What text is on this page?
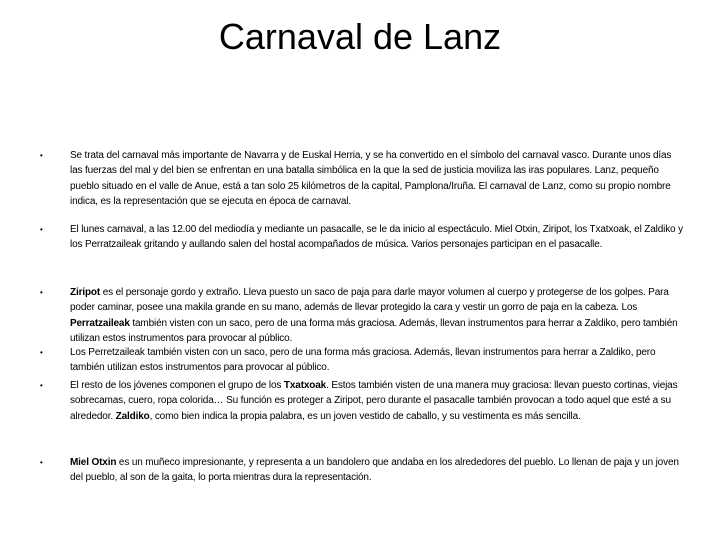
Carnaval de Lanz
•	Se trata del carnaval más importante de Navarra y de Euskal Herria, y se ha convertido en el símbolo del carnaval vasco. Durante unos días las fuerzas del mal y del bien se enfrentan en una batalla simbólica en la que la sed de justicia moviliza las iras populares. Lanz, pequeño pueblo situado en el valle de Anue, está a tan solo 25 kilómetros de la capital, Pamplona/Iruña. El carnaval de Lanz, como su propio nombre indica, es la representación que se ejecuta en época de carnaval.

•	El lunes carnaval, a las 12.00 del mediodía y mediante un pasacalle, se le da inicio al espectáculo. Miel Otxin, Ziripot, los Txatxoak, el Zaldiko y los Perratzaileak gritando y aullando salen del hostal acompañados de música. Varios personajes participan en el pasacalle.

•	Ziripot es el personaje gordo y extraño. Lleva puesto un saco de paja para darle mayor volumen al cuerpo y protegerse de los golpes. Para poder caminar, posee una makila grande en su mano, además de llevar protegido la cara y vestir un gorro de paja en la cabeza. Los Perratzaileak también visten con un saco, pero de una forma más graciosa. Además, llevan instrumentos para herrar a Zaldiko, pero también utilizan estos instrumentos para provocar al público.

•	Los Perretzaileak también visten con un saco, pero de una forma más graciosa. Además, llevan instrumentos para herrar a Zaldiko, pero también utilizan estos instrumentos para provocar al público.

•	El resto de los jóvenes componen el grupo de los Txatxoak. Estos también visten de una manera muy graciosa: llevan puesto cortinas, viejas sobrecamas, cuero, ropa colorida… Su función es proteger a Ziripot, pero durante el pasacalle también provocan a todo aquel que esté a su alrededor. Zaldiko, como bien indica la propia palabra, es un joven vestido de caballo, y su vestimenta es más sencilla.

•	Miel Otxin es un muñeco impresionante, y representa a un bandolero que andaba en los alrededores del pueblo. Lo llenan de paja y un joven del pueblo, al son de la gaita, lo porta mientras dura la representación.
